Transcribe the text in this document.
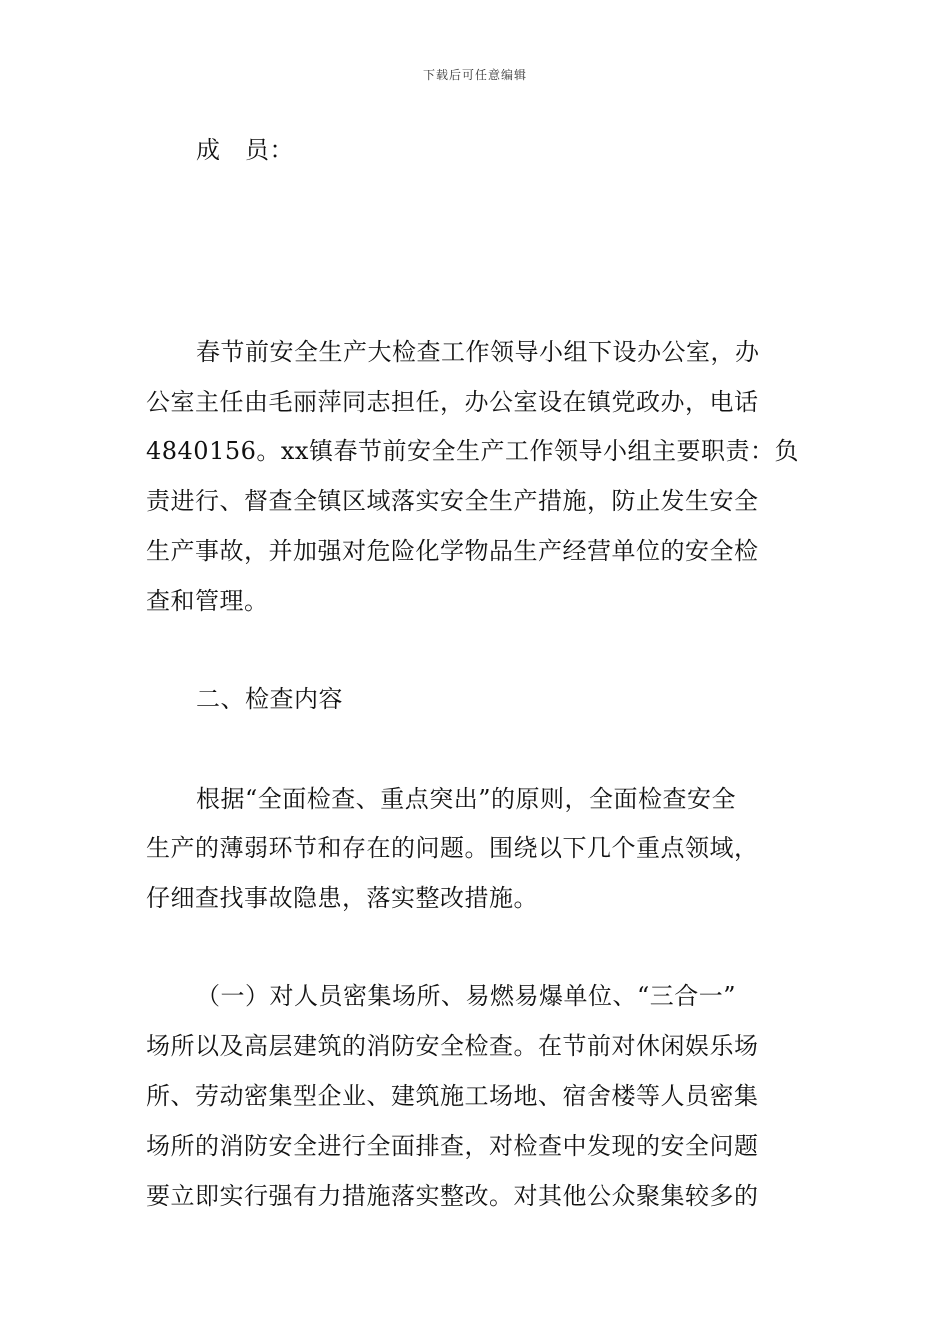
下载后可任意编辑
成　员：
春节前安全生产大检查工作领导小组下设办公室，办
公室主任由毛丽萍同志担任，办公室设在镇党政办，电话
4840156。xx镇春节前安全生产工作领导小组主要职责：负
责进行、督查全镇区域落实安全生产措施，防止发生安全
生产事故，并加强对危险化学物品生产经营单位的安全检
查和管理。
二、检查内容
根据“全面检查、重点突出”的原则，全面检查安全
生产的薄弱环节和存在的问题。围绕以下几个重点领域，
仔细查找事故隐患，落实整改措施。
（一）对人员密集场所、易燃易爆单位、“三合一”
场所以及高层建筑的消防安全检查。在节前对休闲娱乐场
所、劳动密集型企业、建筑施工场地、宿舍楼等人员密集
场所的消防安全进行全面排查，对检查中发现的安全问题
要立即实行强有力措施落实整改。对其他公众聚集较多的
